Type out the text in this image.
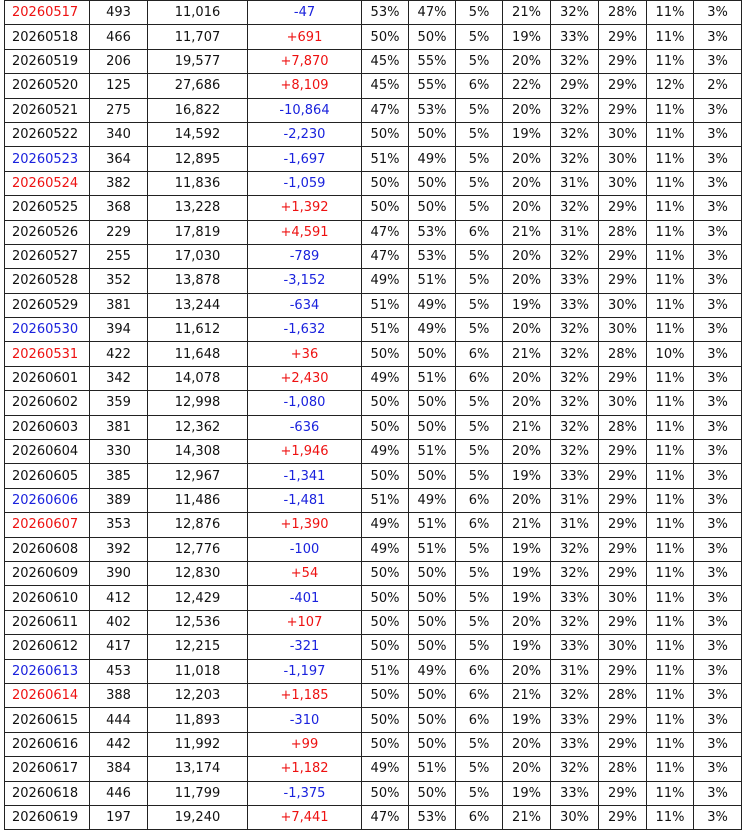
20260517	493	11,016	-47	53%	47%	5%	21%	32%	28%	11%	3%
20260518	466	11,707	+691	50%	50%	5%	19%	33%	29%	11%	3%
20260519	206	19,577	+7,870	45%	55%	5%	20%	32%	29%	11%	3%
20260520	125	27,686	+8,109	45%	55%	6%	22%	29%	29%	12%	2%
20260521	275	16,822	-10,864	47%	53%	5%	20%	32%	29%	11%	3%
20260522	340	14,592	-2,230	50%	50%	5%	19%	32%	30%	11%	3%
20260523	364	12,895	-1,697	51%	49%	5%	20%	32%	30%	11%	3%
20260524	382	11,836	-1,059	50%	50%	5%	20%	31%	30%	11%	3%
20260525	368	13,228	+1,392	50%	50%	5%	20%	32%	29%	11%	3%
20260526	229	17,819	+4,591	47%	53%	6%	21%	31%	28%	11%	3%
20260527	255	17,030	-789	47%	53%	5%	20%	32%	29%	11%	3%
20260528	352	13,878	-3,152	49%	51%	5%	20%	33%	29%	11%	3%
20260529	381	13,244	-634	51%	49%	5%	19%	33%	30%	11%	3%
20260530	394	11,612	-1,632	51%	49%	5%	20%	32%	30%	11%	3%
20260531	422	11,648	+36	50%	50%	6%	21%	32%	28%	10%	3%
20260601	342	14,078	+2,430	49%	51%	6%	20%	32%	29%	11%	3%
20260602	359	12,998	-1,080	50%	50%	5%	20%	32%	30%	11%	3%
20260603	381	12,362	-636	50%	50%	5%	21%	32%	28%	11%	3%
20260604	330	14,308	+1,946	49%	51%	5%	20%	32%	29%	11%	3%
20260605	385	12,967	-1,341	50%	50%	5%	19%	33%	29%	11%	3%
20260606	389	11,486	-1,481	51%	49%	6%	20%	31%	29%	11%	3%
20260607	353	12,876	+1,390	49%	51%	6%	21%	31%	29%	11%	3%
20260608	392	12,776	-100	49%	51%	5%	19%	32%	29%	11%	3%
20260609	390	12,830	+54	50%	50%	5%	19%	32%	29%	11%	3%
20260610	412	12,429	-401	50%	50%	5%	19%	33%	30%	11%	3%
20260611	402	12,536	+107	50%	50%	5%	20%	32%	29%	11%	3%
20260612	417	12,215	-321	50%	50%	5%	19%	33%	30%	11%	3%
20260613	453	11,018	-1,197	51%	49%	6%	20%	31%	29%	11%	3%
20260614	388	12,203	+1,185	50%	50%	6%	21%	32%	28%	11%	3%
20260615	444	11,893	-310	50%	50%	6%	19%	33%	29%	11%	3%
20260616	442	11,992	+99	50%	50%	5%	20%	33%	29%	11%	3%
20260617	384	13,174	+1,182	49%	51%	5%	20%	32%	28%	11%	3%
20260618	446	11,799	-1,375	50%	50%	5%	19%	33%	29%	11%	3%
20260619	197	19,240	+7,441	47%	53%	6%	21%	30%	29%	11%	3%
